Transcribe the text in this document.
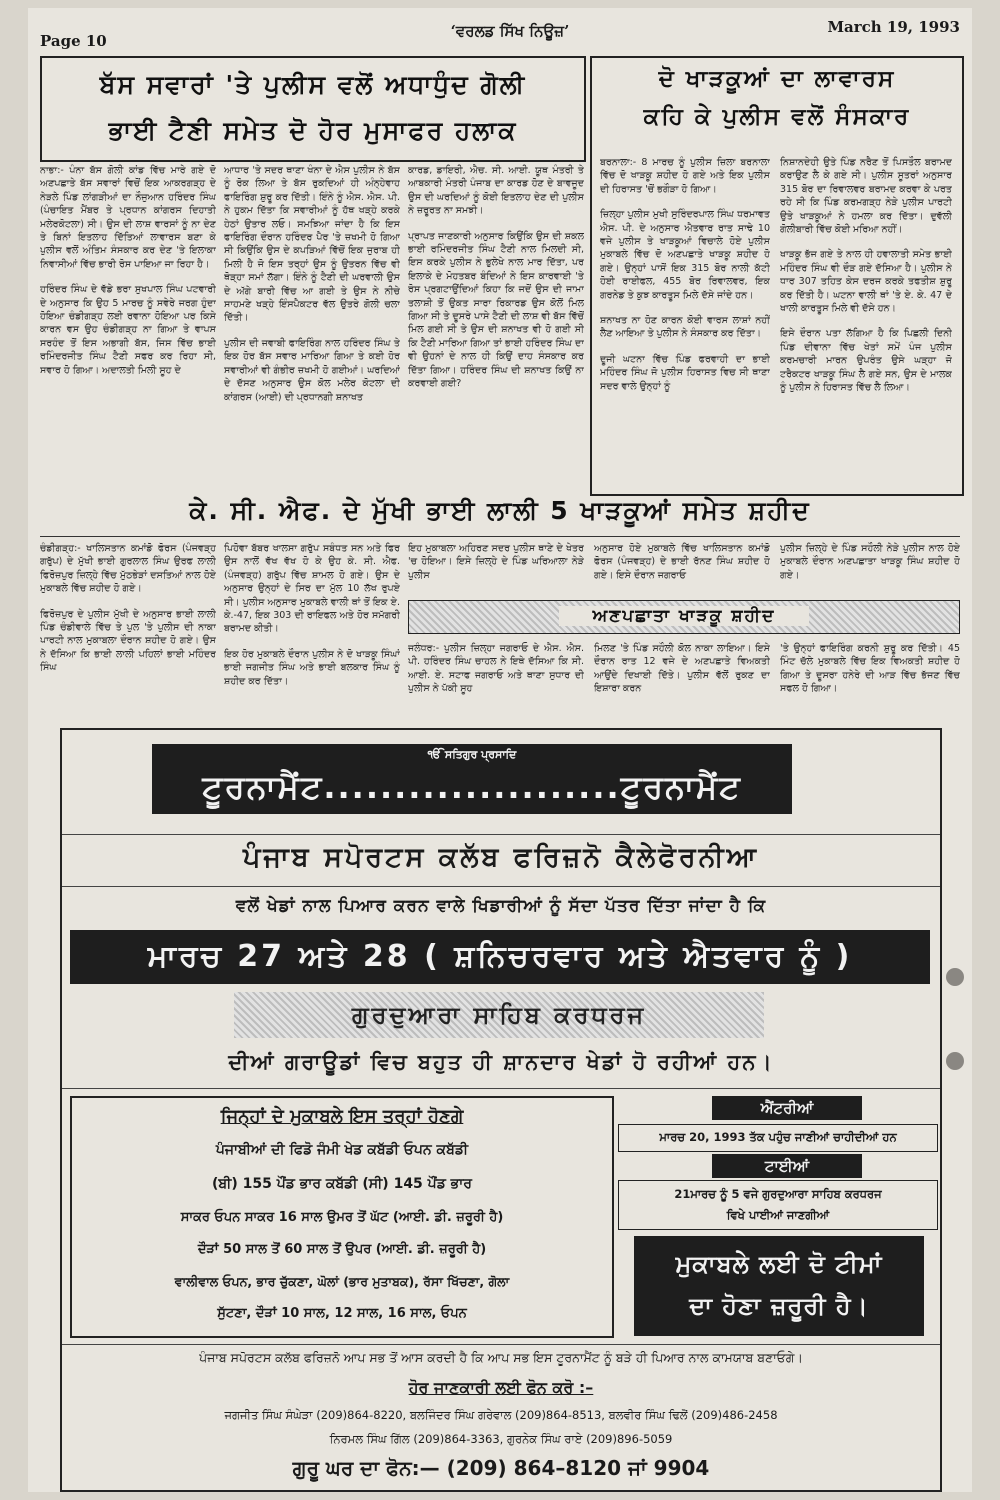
Page 10
‘ਵਰਲਡ ਸਿੱਖ ਨਿਊਜ਼’	March 19, 1993
ਬੱਸ ਸਵਾਰਾਂ 'ਤੇ ਪੁਲੀਸ ਵਲੋਂ ਅਧਾਧੁੰਦ ਗੋਲੀ
ਭਾਈ ਟੈਣੀ ਸਮੇਤ ਦੋ ਹੋਰ ਮੁਸਾਫਰ ਹਲਾਕ

ਨਾਭਾ:- ਪੰਨਾ ਬੱਸ ਗੋਲੀ ਕਾਂਡ ਵਿੱਚ ਮਾਰੇ ਗਏ ਦੋ ਅਣਪਛਾਤੇ ਬੱਸ ਸਵਾਰਾਂ ਵਿਚੋਂ ਇਕ ਆਕਰਗੜ੍ਹ ਦੇ ਨੇੜਲੇ ਪਿੰਡ ਲਾਂਗੜੀਆਂ ਦਾ ਨੌਜੁਆਨ ਹਰਿੰਦਰ ਸਿੰਘ (ਪੰਚਾਇਤ ਮੈਂਬਰ ਤੇ ਪ੍ਰਧਾਨ ਕਾਂਗਰਸ ਦਿਹਾਤੀ ਮਲੇਰਕੋਟਲਾ) ਸੀ। ਉਸ ਦੀ ਲਾਸ਼ ਵਾਰਸਾਂ ਨੂੰ ਨਾ ਦੇਣ ਤੇ ਬਿਨਾਂ ਇਤਲਾਹ ਦਿੱਤਿਆਂ ਲਾਵਾਰਸ ਬਣਾ ਕੇ ਪੁਲੀਸ ਵਲੋਂ ਅੰਤਿਮ ਸੰਸਕਾਰ ਕਰ ਦੇਣ 'ਤੇ ਇਲਾਕਾ ਨਿਵਾਸੀਆਂ ਵਿੱਚ ਭਾਰੀ ਰੋਸ ਪਾਇਆ ਜਾ ਰਿਹਾ ਹੈ।

ਹਰਿੰਦਰ ਸਿੰਘ ਦੇ ਵੱਡੇ ਭਰਾ ਸੁਖਪਾਲ ਸਿੰਘ ਪਟਵਾਰੀ ਦੇ ਅਨੁਸਾਰ ਕਿ ਉਹ 5 ਮਾਰਚ ਨੂੰ ਸਵੇਰੇ ਜਰਗ ਹੁੰਦਾ ਹੋਇਆ ਚੰਡੀਗੜ੍ਹ ਲਈ ਰਵਾਨਾ ਹੋਇਆ ਪਰ ਕਿਸੇ ਕਾਰਨ ਵਸ ਉਹ ਚੰਡੀਗੜ੍ਹ ਨਾ ਗਿਆ ਤੇ ਵਾਪਸ ਸਰਹੰਦ ਤੋਂ ਇਸ ਅਭਾਗੀ ਬੱਸ, ਜਿਸ ਵਿੱਚ ਭਾਈ ਰਮਿੰਦਰਜੀਤ ਸਿੰਘ ਟੈਣੀ ਸਫਰ ਕਰ ਰਿਹਾ ਸੀ, ਸਵਾਰ ਹੋ ਗਿਆ। ਅਦਾਲਤੀ ਮਿਲੀ ਸੂਹ ਦੇ

ਆਧਾਰ 'ਤੇ ਸਦਰ ਥਾਣਾ ਖੰਨਾ ਦੇ ਐਸ ਪੁਲੀਸ ਨੇ ਬੱਸ ਨੂੰ ਰੋਕ ਲਿਆ ਤੇ ਬੱਸ ਰੁਕਦਿਆਂ ਹੀ ਅੰਨ੍ਹੇਵਾਹ ਫਾਇਰਿੰਗ ਸ਼ੁਰੂ ਕਰ ਦਿੱਤੀ। ਇੰਨੇ ਨੂੰ ਐਸ. ਐਸ. ਪੀ. ਨੇ ਹੁਕਮ ਦਿੱਤਾ ਕਿ ਸਵਾਰੀਆਂ ਨੂੰ ਹੱਥ ਖੜ੍ਹੇ ਕਰਕੇ ਹੇਠਾਂ ਉਤਾਰ ਲਓ। ਸਮਝਿਆ ਜਾਂਦਾ ਹੈ ਕਿ ਇਸ ਫਾਇਰਿੰਗ ਦੌਰਾਨ ਹਰਿੰਦਰ ਪੈਰ 'ਤੇ ਜ਼ਖਮੀ ਹੋ ਗਿਆ ਸੀ ਕਿਉਂਕਿ ਉਸ ਦੇ ਕਪੜਿਆਂ ਵਿੱਚੋਂ ਇਕ ਜੁਰਾਬ ਹੀ ਮਿਲੀ ਹੈ ਜੋ ਇਸ ਤਰ੍ਹਾਂ ਉਸ ਨੂੰ ਉਤਰਨ ਵਿੱਚ ਵੀ ਥੋੜ੍ਹਾ ਸਮਾਂ ਲੱਗਾ। ਇੰਨੇ ਨੂੰ ਟੈਣੀ ਦੀ ਘਰਵਾਲੀ ਉਸ ਦੇ ਅੱਗੇ ਬਾਰੀ ਵਿੱਚ ਆ ਗਈ ਤੇ ਉਸ ਨੇ ਨੀਚੇ ਸਾਹਮਣੇ ਖੜ੍ਹੇ ਇੰਸਪੈਕਟਰ ਵੱਲ ਉਤਰੇ ਗੋਲੀ ਚਲਾ ਦਿੱਤੀ।

ਪੁਲੀਸ ਦੀ ਜਵਾਬੀ ਫਾਇਰਿੰਗ ਨਾਲ ਹਰਿੰਦਰ ਸਿੰਘ ਤੇ ਇਕ ਹੋਰ ਬੱਸ ਸਵਾਰ ਮਾਰਿਆ ਗਿਆ ਤੇ ਕਈ ਹੋਰ ਸਵਾਰੀਆਂ ਵੀ ਗੰਭੀਰ ਜ਼ਖਮੀ ਹੋ ਗਈਆਂ। ਘਰਦਿਆਂ ਦੇ ਦੱਸਣ ਅਨੁਸਾਰ ਉਸ ਕੋਲ ਮਲੇਰ ਕੋਟਲਾ ਦੀ ਕਾਂਗਰਸ (ਆਈ) ਦੀ ਪ੍ਰਧਾਨਗੀ ਸ਼ਨਾਖਤ

ਕਾਰਡ, ਡਾਇਰੀ, ਐਚ. ਸੀ. ਆਈ. ਯੂਥ ਮੰਤਰੀ ਤੇ ਆਬਕਾਰੀ ਮੰਤਰੀ ਪੰਜਾਬ ਦਾ ਕਾਰਡ ਹੋਣ ਦੇ ਬਾਵਜੂਦ ਉਸ ਦੀ ਘਰਦਿਆਂ ਨੂੰ ਕੋਈ ਇਤਲਾਹ ਦੇਣ ਦੀ ਪੁਲੀਸ ਨੇ ਜ਼ਰੂਰਤ ਨਾ ਸਮਝੀ।

ਪ੍ਰਾਪਤ ਜਾਣਕਾਰੀ ਅਨੁਸਾਰ ਕਿਉਂਕਿ ਉਸ ਦੀ ਸ਼ਕਲ ਭਾਈ ਰਮਿੰਦਰਜੀਤ ਸਿੰਘ ਟੈਣੀ ਨਾਲ ਮਿਲਦੀ ਸੀ, ਇਸ ਕਰਕੇ ਪੁਲੀਸ ਨੇ ਭੁਲੇਖੇ ਨਾਲ ਮਾਰ ਦਿੱਤਾ, ਪਰ ਇਲਾਕੇ ਦੇ ਮੋਹਤਬਰ ਬੰਦਿਆਂ ਨੇ ਇਸ ਕਾਰਵਾਈ 'ਤੇ ਰੋਸ ਪ੍ਰਗਟਾਉਂਦਿਆਂ ਕਿਹਾ ਕਿ ਜਦੋਂ ਉਸ ਦੀ ਜਾਮਾ ਤਲਾਸ਼ੀ ਤੋਂ ਉਕਤ ਸਾਰਾ ਰਿਕਾਰਡ ਉਸ ਕੋਲੋਂ ਮਿਲ ਗਿਆ ਸੀ ਤੇ ਦੂਸਰੇ ਪਾਸੇ ਟੈਣੀ ਦੀ ਲਾਸ਼ ਵੀ ਬੱਸ ਵਿੱਚੋਂ ਮਿਲ ਗਈ ਸੀ ਤੇ ਉਸ ਦੀ ਸ਼ਨਾਖਤ ਵੀ ਹੋ ਗਈ ਸੀ ਕਿ ਟੈਣੀ ਮਾਰਿਆ ਗਿਆ ਤਾਂ ਭਾਈ ਹਰਿੰਦਰ ਸਿੰਘ ਦਾ ਵੀ ਉਹਨਾਂ ਦੇ ਨਾਲ ਹੀ ਕਿਉਂ ਦਾਹ ਸੰਸਕਾਰ ਕਰ ਦਿੱਤਾ ਗਿਆ। ਹਰਿੰਦਰ ਸਿੰਘ ਦੀ ਸ਼ਨਾਖਤ ਕਿਉਂ ਨਾ ਕਰਵਾਈ ਗਈ?

ਦੋ ਖਾੜਕੂਆਂ ਦਾ ਲਾਵਾਰਸ
ਕਹਿ ਕੇ ਪੁਲੀਸ ਵਲੋਂ ਸੰਸਕਾਰ

ਬਰਨਾਲਾ:- 8 ਮਾਰਚ ਨੂੰ ਪੁਲੀਸ ਜ਼ਿਲਾ ਬਰਨਾਲਾ ਵਿੱਚ ਦੋ ਖਾੜਕੂ ਸ਼ਹੀਦ ਹੋ ਗਏ ਅਤੇ ਇਕ ਪੁਲੀਸ ਦੀ ਹਿਰਾਸਤ 'ਚੋਂ ਭਗੌੜਾ ਹੋ ਗਿਆ।

ਜ਼ਿਲ੍ਹਾ ਪੁਲੀਸ ਮੁਖੀ ਸੁਰਿੰਦਰਪਾਲ ਸਿੰਘ ਧਰਮਾਵਤ ਐਸ. ਪੀ. ਦੇ ਅਨੁਸਾਰ ਐਤਵਾਰ ਰਾਤ ਸਾਢੇ 10 ਵਜੇ ਪੁਲੀਸ ਤੇ ਖਾੜਕੂਆਂ ਵਿਚਾਲੇ ਹੋਏ ਪੁਲੀਸ ਮੁਕਾਬਲੇ ਵਿੱਚ ਦੋ ਅਣਪਛਾਤੇ ਖਾੜਕੂ ਸ਼ਹੀਦ ਹੋ ਗਏ। ਉਨ੍ਹਾਂ ਪਾਸੋਂ ਇਕ 315 ਬੋਰ ਨਾਲੀ ਕੱਟੀ ਹੋਈ ਰਾਈਫਲ, 455 ਬੋਰ ਰਿਵਾਲਵਰ, ਇਕ ਗਰਨੇਡ ਤੇ ਕੁਝ ਕਾਰਤੂਸ ਮਿਲੇ ਦੱਸੇ ਜਾਂਦੇ ਹਨ।

ਸ਼ਨਾਖਤ ਨਾ ਹੋਣ ਕਾਰਨ ਕੋਈ ਵਾਰਸ ਲਾਸ਼ਾਂ ਨਹੀਂ ਲੈਣ ਆਇਆ ਤੇ ਪੁਲੀਸ ਨੇ ਸੰਸਕਾਰ ਕਰ ਦਿੱਤਾ।

ਦੂਜੀ ਘਟਨਾ ਵਿੱਚ ਪਿੰਡ ਫਰਵਾਹੀ ਦਾ ਭਾਈ ਮਹਿੰਦਰ ਸਿੰਘ ਜੋ ਪੁਲੀਸ ਹਿਰਾਸਤ ਵਿਚ ਸੀ ਥਾਣਾ ਸਦਰ ਵਾਲੇ ਉਨ੍ਹਾਂ ਨੂੰ

ਨਿਸ਼ਾਨਦੇਹੀ ਉਤੇ ਪਿੰਡ ਨਰੈਣ ਤੋਂ ਪਿਸਤੌਲ ਬਰਾਮਦ ਕਰਾਉਣ ਲੈ ਕੇ ਗਏ ਸੀ। ਪੁਲੀਸ ਸੂਤਰਾਂ ਅਨੁਸਾਰ 315 ਬੋਰ ਦਾ ਰਿਵਾਲਵਰ ਬਰਾਮਦ ਕਰਵਾ ਕੇ ਪਰਤ ਰਹੇ ਸੀ ਕਿ ਪਿੰਡ ਕਰਮਗੜ੍ਹ ਨੇੜੇ ਪੁਲੀਸ ਪਾਰਟੀ ਉਤੇ ਖਾੜਕੂਆਂ ਨੇ ਹਮਲਾ ਕਰ ਦਿੱਤਾ। ਦੁਵੱਲੀ ਗੋਲੀਬਾਰੀ ਵਿੱਚ ਕੋਈ ਮਰਿਆ ਨਹੀਂ।

ਖਾੜਕੂ ਭੱਜ ਗਏ ਤੇ ਨਾਲ ਹੀ ਹਵਾਲਾਤੀ ਸਮੇਤ ਭਾਈ ਮਹਿੰਦਰ ਸਿੰਘ ਵੀ ਦੌੜ ਗਏ ਦੱਸਿਆ ਹੈ। ਪੁਲੀਸ ਨੇ ਧਾਰ 307 ਤਹਿਤ ਕੇਸ ਦਰਜ ਕਰਕੇ ਤਫਤੀਸ਼ ਸ਼ੁਰੂ ਕਰ ਦਿੱਤੀ ਹੈ। ਘਟਨਾ ਵਾਲੀ ਥਾਂ 'ਤੇ ਏ. ਕੇ. 47 ਦੇ ਖਾਲੀ ਕਾਰਤੂਸ ਮਿਲੇ ਵੀ ਦੱਸੇ ਹਨ।

ਇਸੇ ਦੌਰਾਨ ਪਤਾ ਲੱਗਿਆ ਹੈ ਕਿ ਪਿਛਲੀ ਦਿਨੀ ਪਿੰਡ ਦੀਵਾਨਾ ਵਿੱਚ ਖੇਤਾਂ ਸਮੇਂ ਪੰਜ ਪੁਲੀਸ ਕਰਮਚਾਰੀ ਮਾਰਨ ਉਪਰੰਤ ਉਸੇ ਘੜ੍ਹਾ ਜੋ ਟਰੈਕਟਰ ਖਾੜਕੂ ਸਿੰਘ ਲੈ ਗਏ ਸਨ, ਉਸ ਦੇ ਮਾਲਕ ਨੂੰ ਪੁਲੀਸ ਨੇ ਹਿਰਾਸਤ ਵਿੱਚ ਲੈ ਲਿਆ।

ਕੇ. ਸੀ. ਐਫ. ਦੇ ਮੁੱਖੀ ਭਾਈ ਲਾਲੀ 5 ਖਾੜਕੂਆਂ ਸਮੇਤ ਸ਼ਹੀਦ

ਚੰਡੀਗੜ੍ਹ:- ਖਾਲਿਸਤਾਨ ਕਮਾਂਡੋ ਫੋਰਸ (ਪੰਜਵੜ੍ਹ ਗਰੁੱਪ) ਦੇ ਮੁੱਖੀ ਭਾਈ ਗੁਰਲਾਲ ਸਿੰਘ ਉਰਫ ਲਾਲੀ ਫਿਰੋਜ਼ਪੁਰ ਜ਼ਿਲ੍ਹੇ ਵਿੱਚ ਮੁੱਠਭੇੜਾਂ ਦਸਤਿਆਂ ਨਾਲ ਹੋਏ ਮੁਕਾਬਲੇ ਵਿੱਚ ਸ਼ਹੀਦ ਹੋ ਗਏ।

ਫਿਰੋਜ਼ਪੁਰ ਦੇ ਪੁਲੀਸ ਮੁੱਖੀ ਦੇ ਅਨੁਸਾਰ ਭਾਈ ਲਾਲੀ ਪਿੰਡ ਚੰਡੀਵਾਲੇ ਵਿੱਚ ਤੇ ਪੁਲ 'ਤੇ ਪੁਲੀਸ ਦੀ ਨਾਕਾ ਪਾਰਟੀ ਨਾਲ ਮੁਕਾਬਲਾ ਦੌਰਾਨ ਸ਼ਹੀਦ ਹੋ ਗਏ। ਉਸ ਨੇ ਦੱਸਿਆ ਕਿ ਭਾਈ ਲਾਲੀ ਪਹਿਲਾਂ ਭਾਈ ਮਹਿੰਦਰ ਸਿੰਘ

ਪਿਹੋਵਾ ਬੱਬਰ ਖਾਲਸਾ ਗਰੁੱਪ ਸਬੰਧਤ ਸਨ ਅਤੇ ਫਿਰ ਉਸ ਨਾਲੋਂ ਵੱਖ ਵੱਖ ਹੋ ਕੇ ਉਹ ਕੇ. ਸੀ. ਐਫ. (ਪੰਜਵੜ੍ਹ) ਗਰੁੱਪ ਵਿੱਚ ਸ਼ਾਮਲ ਹੋ ਗਏ। ਉਸ ਦੇ ਅਨੁਸਾਰ ਉਨ੍ਹਾਂ ਦੇ ਸਿਰ ਦਾ ਮੁੱਲ 10 ਲੱਖ ਰੁਪਏ ਸੀ। ਪੁਲੀਸ ਅਨੁਸਾਰ ਮੁਕਾਬਲੇ ਵਾਲੀ ਥਾਂ ਤੋਂ ਇਕ ਏ. ਕੇ.-47, ਇਕ 303 ਦੀ ਰਾਇਫਲ ਅਤੇ ਹੋਰ ਸਮੱਗਰੀ ਬਰਾਮਦ ਕੀਤੀ।

ਇਕ ਹੋਰ ਮੁਕਾਬਲੇ ਦੌਰਾਨ ਪੁਲੀਸ ਨੇ ਦੋ ਖਾੜਕੂ ਸਿੰਘਾਂ ਭਾਈ ਜਗਜੀਤ ਸਿੰਘ ਅਤੇ ਭਾਈ ਬਲਕਾਰ ਸਿੰਘ ਨੂੰ ਸ਼ਹੀਦ ਕਰ ਦਿੱਤਾ।

ਇਹ ਮੁਕਾਬਲਾ ਅਹਿਰਣ ਸਦਰ ਪੁਲੀਸ ਥਾਣੇ ਦੇ ਖੇਤਰ 'ਚ ਹੋਇਆ। ਇਸੇ ਜ਼ਿਲ੍ਹੇ ਦੇ ਪਿੰਡ ਘਰਿਆਲਾ ਨੇੜੇ ਪੁਲੀਸ

ਅਨੁਸਾਰ ਹੋਏ ਮੁਕਾਬਲੇ ਵਿੱਚ ਖਾਲਿਸਤਾਨ ਕਮਾਂਡੋ ਫੋਰਸ (ਪੰਜਵੜ੍ਹ) ਦੇ ਭਾਈ ਰੱਨਣ ਸਿੰਘ ਸ਼ਹੀਦ ਹੋ ਗਏ। ਇਸੇ ਦੌਰਾਨ ਜਗਰਾਓ

ਪੁਲੀਸ ਜ਼ਿਲ੍ਹੇ ਦੇ ਪਿੰਡ ਸਹੌਲੀ ਨੇੜੇ ਪੁਲੀਸ ਨਾਲ ਹੋਏ ਮੁਕਾਬਲੇ ਦੌਰਾਨ ਅਣਪਛਾਤਾ ਖਾੜਕੂ ਸਿੰਘ ਸ਼ਹੀਦ ਹੋ ਗਏ।

ਅਣਪਛਾਤਾ ਖਾੜਕੂ ਸ਼ਹੀਦ

ਜਲੰਧਰ:- ਪੁਲੀਸ ਜ਼ਿਲ੍ਹਾ ਜਗਰਾਓ ਦੇ ਐਸ. ਐਸ. ਪੀ. ਹਰਿੰਦਰ ਸਿੰਘ ਚਾਹਲ ਨੇ ਇਥੇ ਦੱਸਿਆ ਕਿ ਸੀ. ਆਈ. ਏ. ਸਟਾਫ ਜਗਰਾਓ ਅਤੇ ਥਾਣਾ ਸੁਧਾਰ ਦੀ ਪੁਲੀਸ ਨੇ ਪੱਕੀ ਸੂਹ

ਮਿਲਣ 'ਤੇ ਪਿੰਡ ਸਹੌਲੀ ਕੋਲ ਨਾਕਾ ਲਾਇਆ। ਇਸੇ ਦੌਰਾਨ ਰਾਤ 12 ਵਜੇ ਦੇ ਅਣਪਛਾਤੇ ਵਿਅਕਤੀ ਆਉਂਦੇ ਦਿਖਾਈ ਦਿੱਤੇ। ਪੁਲੀਸ ਵੱਲੋਂ ਰੁਕਣ ਦਾ ਇਸ਼ਾਰਾ ਕਰਨ

'ਤੇ ਉਨ੍ਹਾਂ ਫਾਇਰਿੰਗ ਕਰਨੀ ਸ਼ੁਰੂ ਕਰ ਦਿੱਤੀ। 45 ਮਿੰਟ ਚੱਲੇ ਮੁਕਾਬਲੇ ਵਿੱਚ ਇਕ ਵਿਅਕਤੀ ਸ਼ਹੀਦ ਹੋ ਗਿਆ ਤੇ ਦੂਸਰਾ ਹਨੇਰੇ ਦੀ ਆੜ ਵਿੱਚ ਭੱਜਣ ਵਿੱਚ ਸਫਲ ਹੋ ਗਿਆ।

ੴ ਸਤਿਗੁਰ ਪ੍ਰਸਾਦਿ
ਟੂਰਨਾਮੈਂਟ.....................ਟੂਰਨਾਮੈਂਟ
ਪੰਜਾਬ ਸਪੋਰਟਸ ਕਲੱਬ ਫਰਿਜ਼ਨੋ ਕੈਲੇਫੋਰਨੀਆ
ਵਲੋਂ ਖੇਡਾਂ ਨਾਲ ਪਿਆਰ ਕਰਨ ਵਾਲੇ ਖਿਡਾਰੀਆਂ ਨੂੰ ਸੱਦਾ ਪੱਤਰ ਦਿੱਤਾ ਜਾਂਦਾ ਹੈ ਕਿ
ਮਾਰਚ 27 ਅਤੇ 28 ( ਸ਼ਨਿਚਰਵਾਰ ਅਤੇ ਐਤਵਾਰ ਨੂੰ )
ਗੁਰਦੁਆਰਾ ਸਾਹਿਬ ਕਰਧਰਜ
ਦੀਆਂ ਗਰਾਊਡਾਂ ਵਿਚ ਬਹੁਤ ਹੀ ਸ਼ਾਨਦਾਰ ਖੇਡਾਂ ਹੋ ਰਹੀਆਂ ਹਨ।
ਜਿਨ੍ਹਾਂ ਦੇ ਮੁਕਾਬਲੇ ਇਸ ਤਰ੍ਹਾਂ ਹੋਣਗੇ
ਪੰਜਾਬੀਆਂ ਦੀ ਫਿਡੋ ਜੰਮੀ ਖੇਡ ਕਬੱਡੀ ਓਪਨ ਕਬੱਡੀ
(ਬੀ) 155 ਪੌਂਡ ਭਾਰ ਕਬੱਡੀ (ਸੀ) 145 ਪੌਂਡ ਭਾਰ
ਸਾਕਰ ਓਪਨ ਸਾਕਰ 16 ਸਾਲ ਉਮਰ ਤੋਂ ਘੱਟ (ਆਈ. ਡੀ. ਜ਼ਰੂਰੀ ਹੈ)
ਦੌੜਾਂ 50 ਸਾਲ ਤੋਂ 60 ਸਾਲ ਤੋਂ ਉਪਰ (ਆਈ. ਡੀ. ਜ਼ਰੂਰੀ ਹੈ)
ਵਾਲੀਵਾਲ ਓਪਨ, ਭਾਰ ਚੁੱਕਣਾ, ਘੋਲਾਂ (ਭਾਰ ਮੁਤਾਬਕ), ਰੱਸਾ ਖਿੱਚਣਾ, ਗੋਲਾ
ਸੁੱਟਣਾ, ਦੌੜਾਂ 10 ਸਾਲ, 12 ਸਾਲ, 16 ਸਾਲ, ਓਪਨ
ਐਂਟਰੀਆਂ
ਮਾਰਚ 20, 1993 ਤੱਕ ਪਹੁੰਚ ਜਾਣੀਆਂ ਚਾਹੀਦੀਆਂ ਹਨ
ਟਾਈਆਂ
21ਮਾਰਚ ਨੂੰ 5 ਵਜੇ ਗੁਰਦੁਆਰਾ ਸਾਹਿਬ ਕਰਧਰਜ
ਵਿਖੇ ਪਾਈਆਂ ਜਾਣਗੀਆਂ
ਮੁਕਾਬਲੇ ਲਈ ਦੋ ਟੀਮਾਂ
ਦਾ ਹੋਣਾ ਜ਼ਰੂਰੀ ਹੈ।
ਪੰਜਾਬ ਸਪੋਰਟਸ ਕਲੱਬ ਫਰਿਜ਼ਨੋ ਆਪ ਸਭ ਤੋਂ ਆਸ ਕਰਦੀ ਹੈ ਕਿ ਆਪ ਸਭ ਇਸ ਟੂਰਨਾਮੈਂਟ ਨੂੰ ਬੜੇ ਹੀ ਪਿਆਰ ਨਾਲ ਕਾਮਯਾਬ ਬਣਾਓਗੇ।
ਹੋਰ ਜਾਣਕਾਰੀ ਲਈ ਫੋਨ ਕਰੋ :–
ਜਗਜੀਤ ਸਿੰਘ ਸੰਘੇੜਾ (209)864-8220, ਬਲਜਿੰਦਰ ਸਿੰਘ ਗਰੇਵਾਲ (209)864-8513, ਬਲਵੀਰ ਸਿੰਘ ਢਿਲੋਂ (209)486-2458
ਨਿਰਮਲ ਸਿੰਘ ਗਿੱਲ (209)864-3363, ਗੁਰਨੇਕ ਸਿੰਘ ਰਾਏ (209)896-5059
ਗੁਰੂ ਘਰ ਦਾ ਫੋਨ:— (209) 864–8120 ਜਾਂ 9904
